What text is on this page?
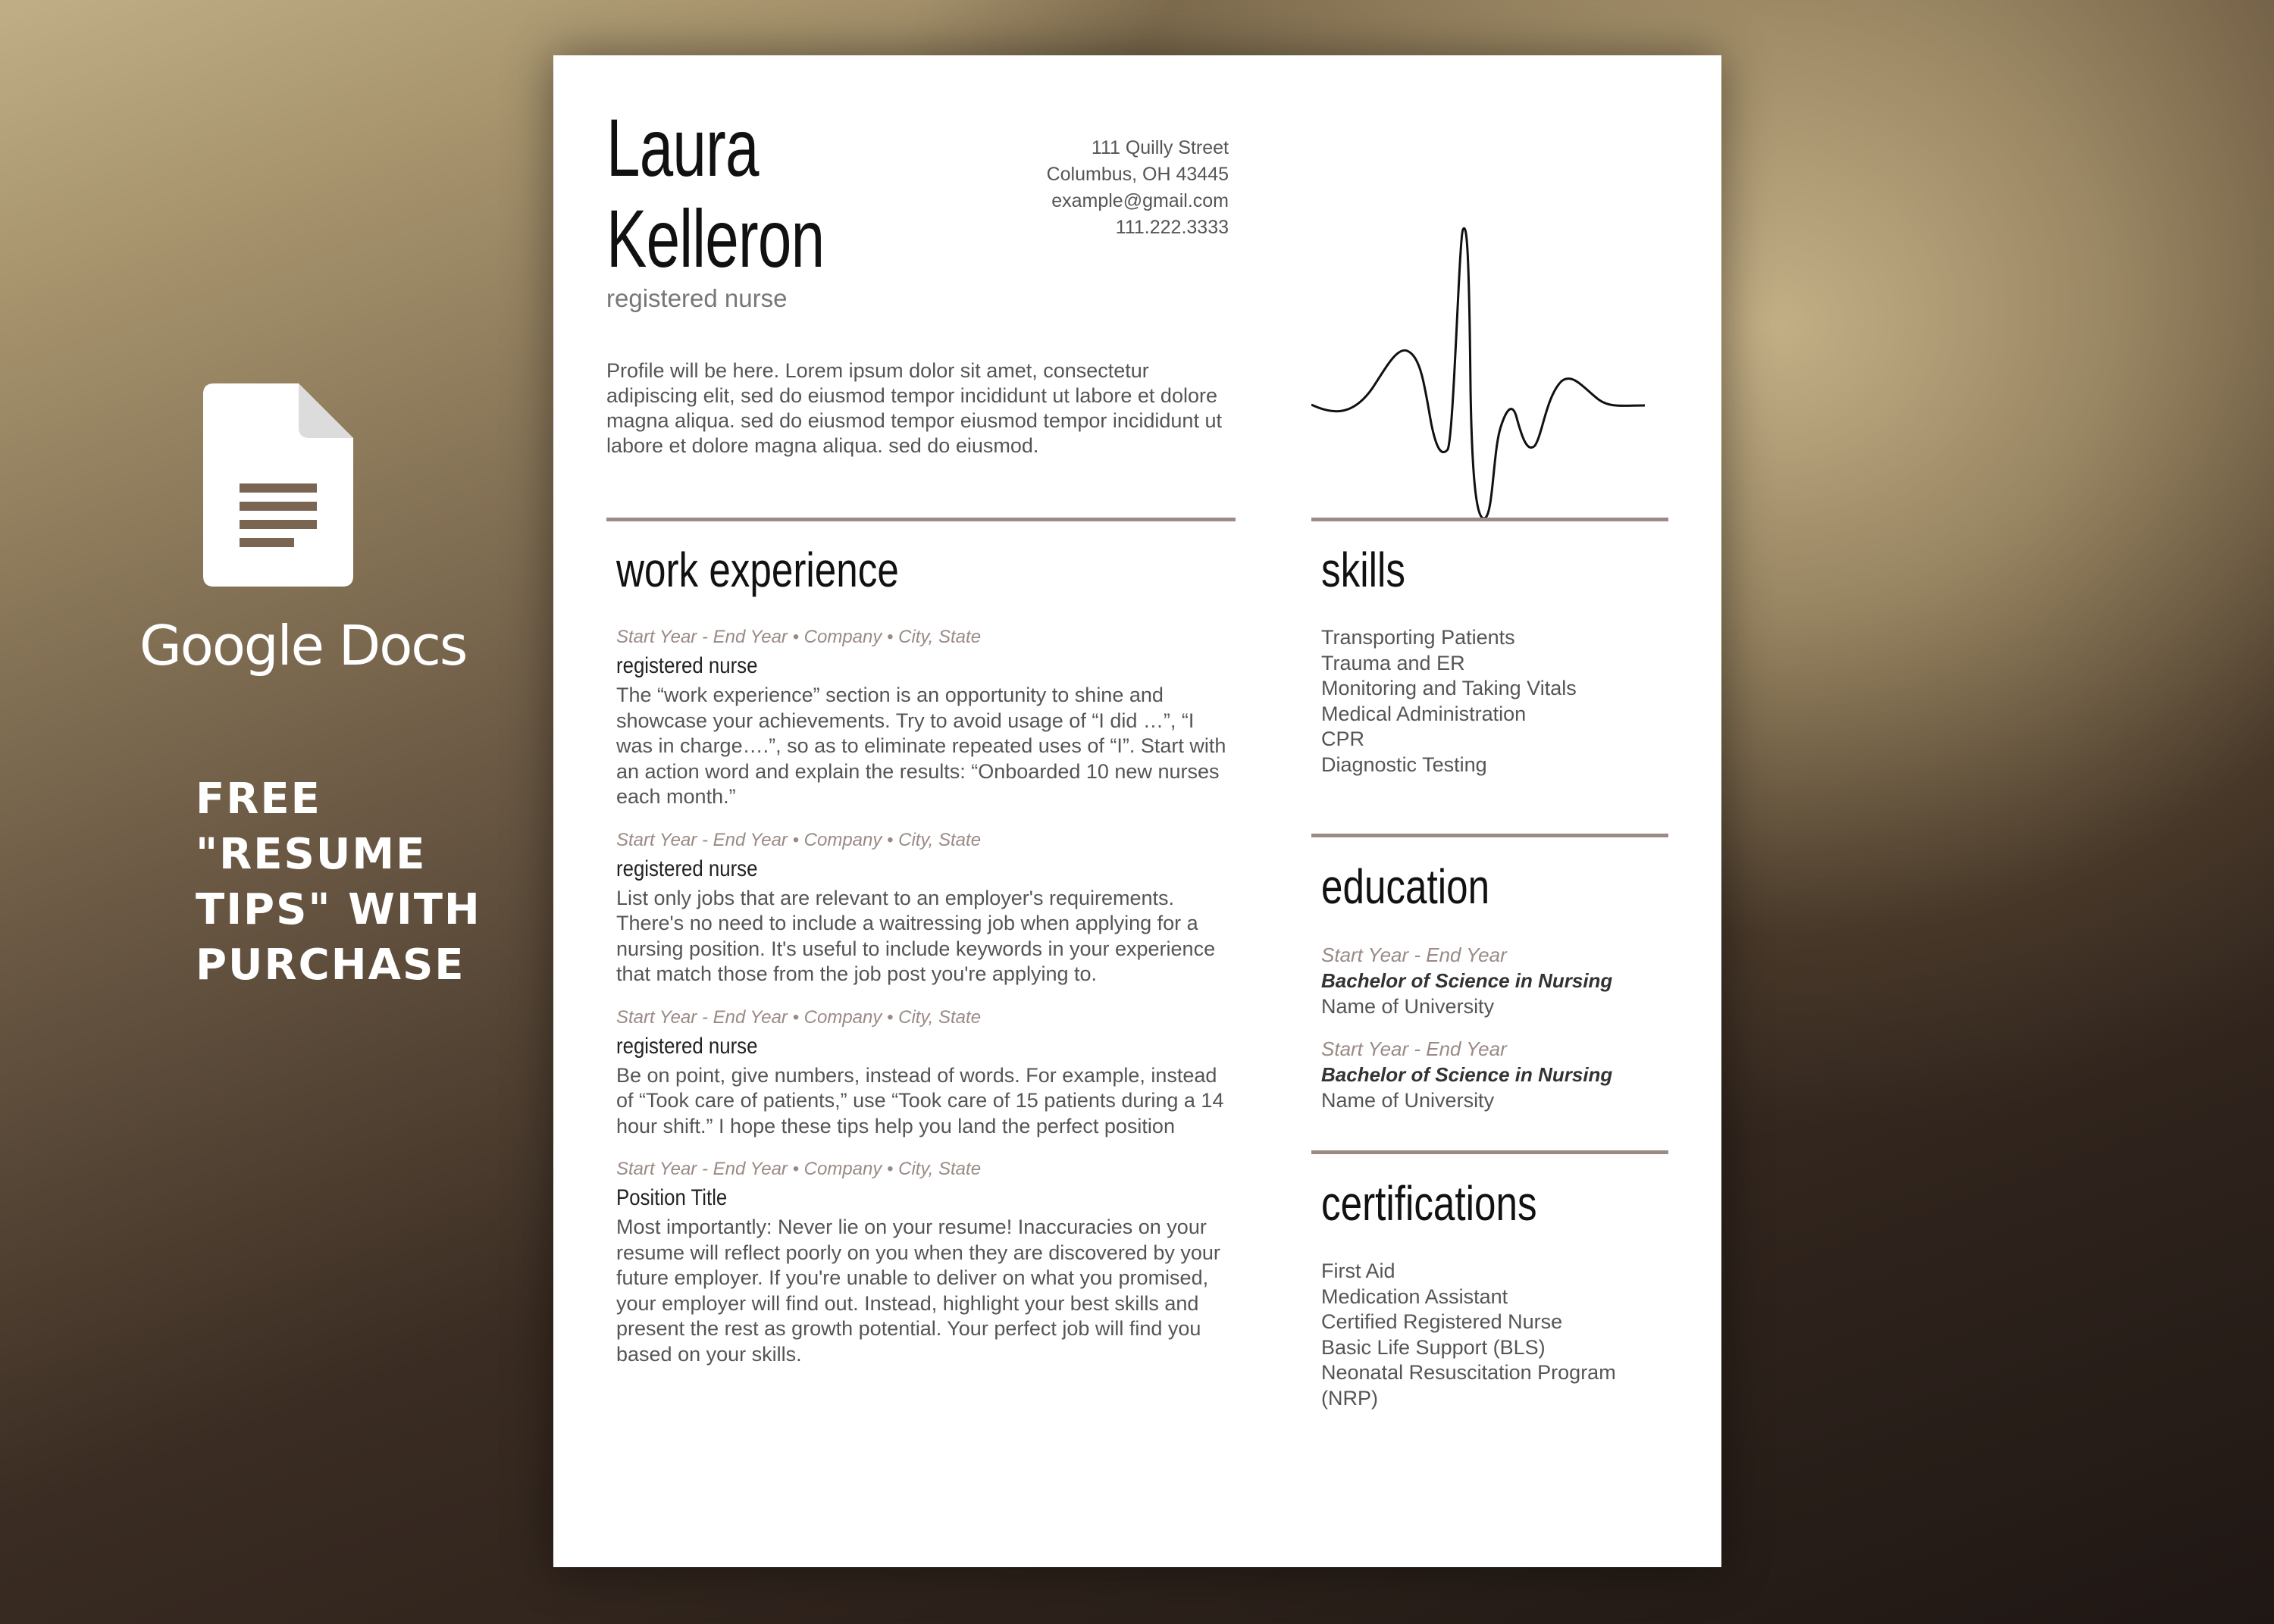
Google Docs
FREE
"RESUME
TIPS" WITH
PURCHASE
Laura
Kelleron
registered nurse
111 Quilly Street
Columbus, OH 43445
example@gmail.com
111.222.3333
Profile will be here. Lorem ipsum dolor sit amet, consectetur adipiscing elit, sed do eiusmod tempor incididunt ut labore et dolore magna aliqua. sed do eiusmod tempor eiusmod tempor incididunt ut labore et dolore magna aliqua. sed do eiusmod.
work experience
Start Year - End Year • Company • City, State
registered nurse
The “work experience” section is an opportunity to shine and showcase your achievements. Try to avoid usage of “I did …”, “I was in charge….”, so as to eliminate repeated uses of “I”. Start with an action word and explain the results: “Onboarded 10 new nurses each month.”
Start Year - End Year • Company • City, State
registered nurse
List only jobs that are relevant to an employer's requirements. There's no need to include a waitressing job when applying for a nursing position. It's useful to include keywords in your experience that match those from the job post you're applying to.
Start Year - End Year • Company • City, State
registered nurse
Be on point, give numbers, instead of words. For example, instead of “Took care of patients,” use “Took care of 15 patients during a 14 hour shift.” I hope these tips help you land the perfect position
Start Year - End Year • Company • City, State
Position Title
Most importantly: Never lie on your resume! Inaccuracies on your resume will reflect poorly on you when they are discovered by your future employer. If you're unable to deliver on what you promised, your employer will find out. Instead, highlight your best skills and present the rest as growth potential. Your perfect job will find you based on your skills.
skills
Transporting Patients
Trauma and ER
Monitoring and Taking Vitals
Medical Administration
CPR
Diagnostic Testing
education
Start Year - End Year
Bachelor of Science in Nursing
Name of University
Start Year - End Year
Bachelor of Science in Nursing
Name of University
certifications
First Aid
Medication Assistant
Certified Registered Nurse
Basic Life Support (BLS)
Neonatal Resuscitation Program
(NRP)
